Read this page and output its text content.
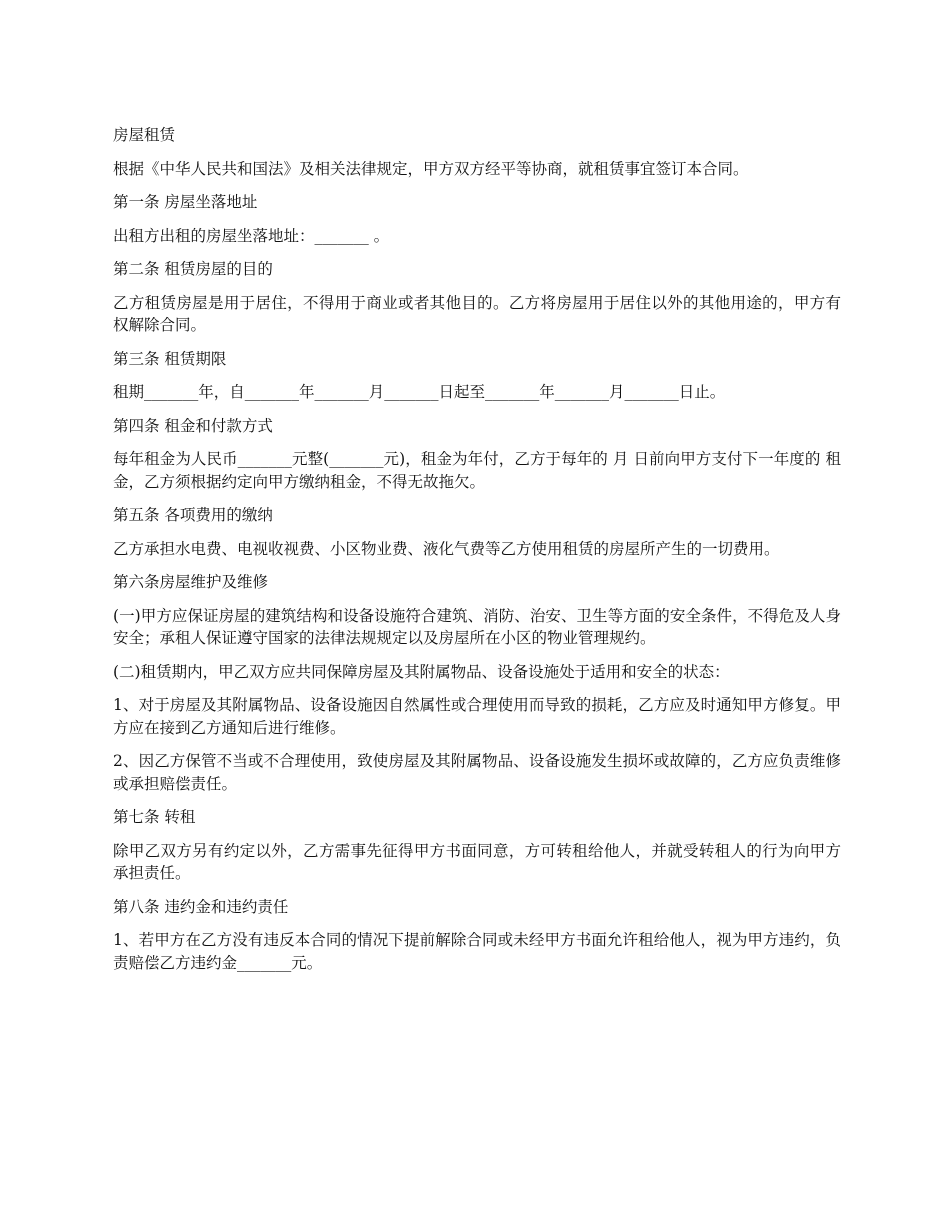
房屋租赁

根据《中华人民共和国法》及相关法律规定，甲方双方经平等协商，就租赁事宜签订本合同。

第一条 房屋坐落地址

出租方出租的房屋坐落地址：_______ 。

第二条 租赁房屋的目的

乙方租赁房屋是用于居住，不得用于商业或者其他目的。乙方将房屋用于居住以外的其他用途的，甲方有权解除合同。

第三条 租赁期限

租期_______年，自_______年_______月_______日起至_______年_______月_______日止。

第四条 租金和付款方式

每年租金为人民币_______元整(_______元)，租金为年付，乙方于每年的 月 日前向甲方支付下一年度的 租金，乙方须根据约定向甲方缴纳租金，不得无故拖欠。

第五条 各项费用的缴纳

乙方承担水电费、电视收视费、小区物业费、液化气费等乙方使用租赁的房屋所产生的一切费用。

第六条房屋维护及维修

(一)甲方应保证房屋的建筑结构和设备设施符合建筑、消防、治安、卫生等方面的安全条件，不得危及人身安全；承租人保证遵守国家的法律法规规定以及房屋所在小区的物业管理规约。

(二)租赁期内，甲乙双方应共同保障房屋及其附属物品、设备设施处于适用和安全的状态：

1、对于房屋及其附属物品、设备设施因自然属性或合理使用而导致的损耗，乙方应及时通知甲方修复。甲方应在接到乙方通知后进行维修。

2、因乙方保管不当或不合理使用，致使房屋及其附属物品、设备设施发生损坏或故障的，乙方应负责维修或承担赔偿责任。

第七条 转租

除甲乙双方另有约定以外，乙方需事先征得甲方书面同意，方可转租给他人，并就受转租人的行为向甲方承担责任。

第八条 违约金和违约责任

1、若甲方在乙方没有违反本合同的情况下提前解除合同或未经甲方书面允许租给他人，视为甲方违约，负责赔偿乙方违约金_______元。
